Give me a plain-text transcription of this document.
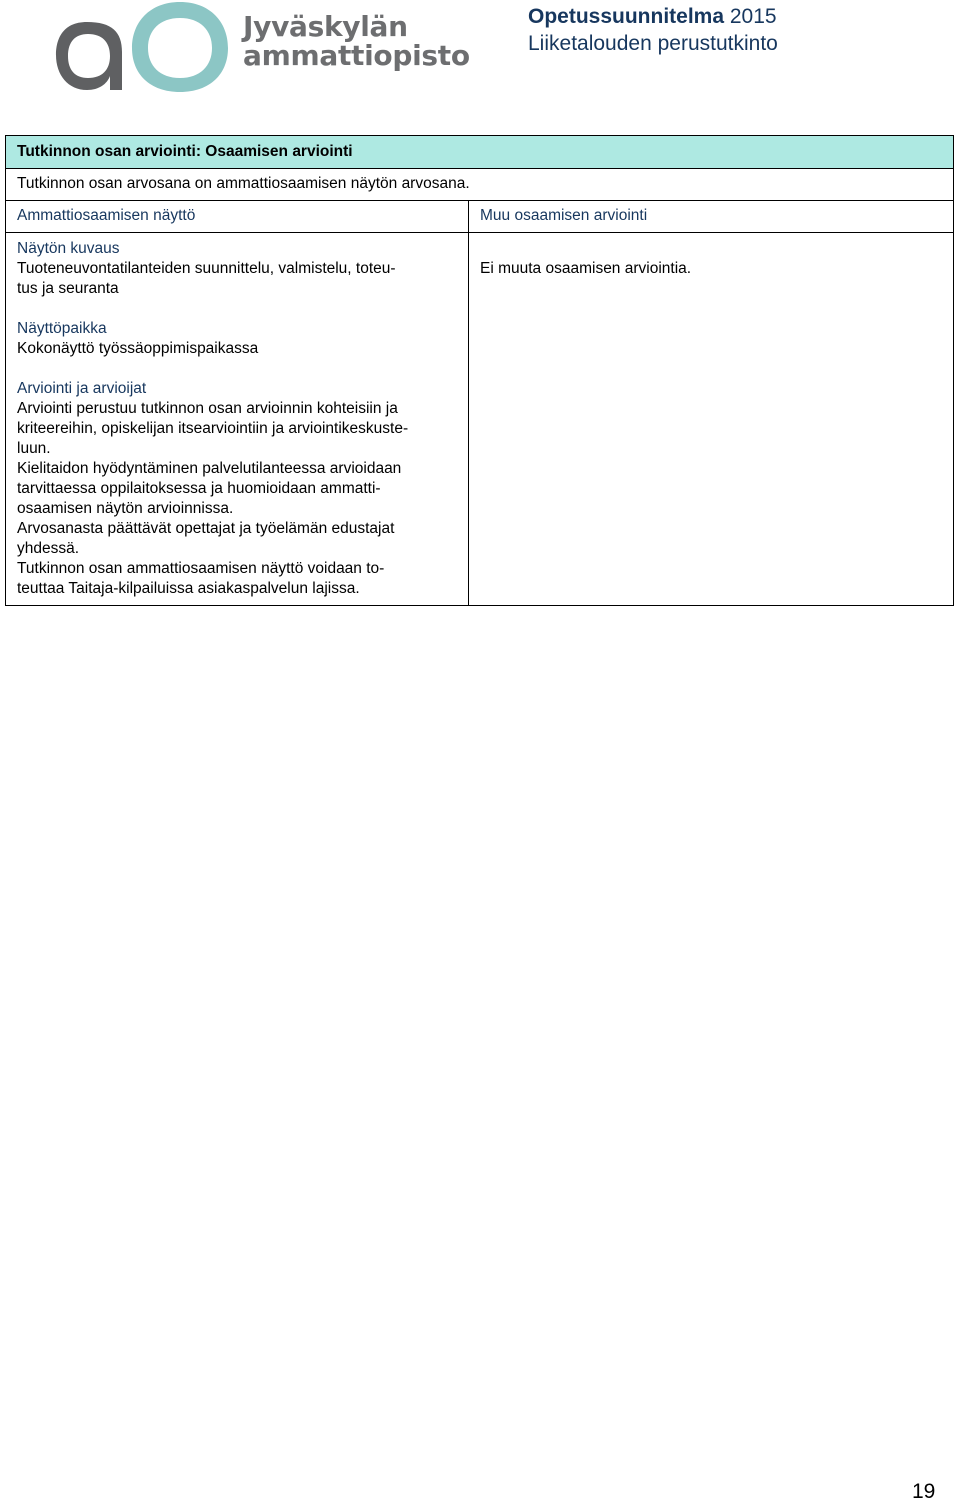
Jyväskylän
ammattiopisto
Opetussuunnitelma 2015
Liiketalouden perustutkinto
Tutkinnon osan arviointi: Osaamisen arviointi
Tutkinnon osan arvosana on ammattiosaamisen näytön arvosana.
Ammattiosaamisen näyttö
Näytön kuvaus
Tuoteneuvontatilanteiden suunnittelu, valmistelu, toteu-
tus ja seuranta
Näyttöpaikka
Kokonäyttö työssäoppimispaikassa
Arviointi ja arvioijat
Arviointi perustuu tutkinnon osan arvioinnin kohteisiin ja
kriteereihin, opiskelijan itsearviointiin ja arviointikeskuste-
luun.
Kielitaidon hyödyntäminen palvelutilanteessa arvioidaan
tarvittaessa oppilaitoksessa ja huomioidaan ammatti-
osaamisen näytön arvioinnissa.
Arvosanasta päättävät opettajat ja työelämän edustajat
yhdessä.
Tutkinnon osan ammattiosaamisen näyttö voidaan to-
teuttaa Taitaja-kilpailuissa asiakaspalvelun lajissa.
Muu osaamisen arviointi
Ei muuta osaamisen arviointia.
19
